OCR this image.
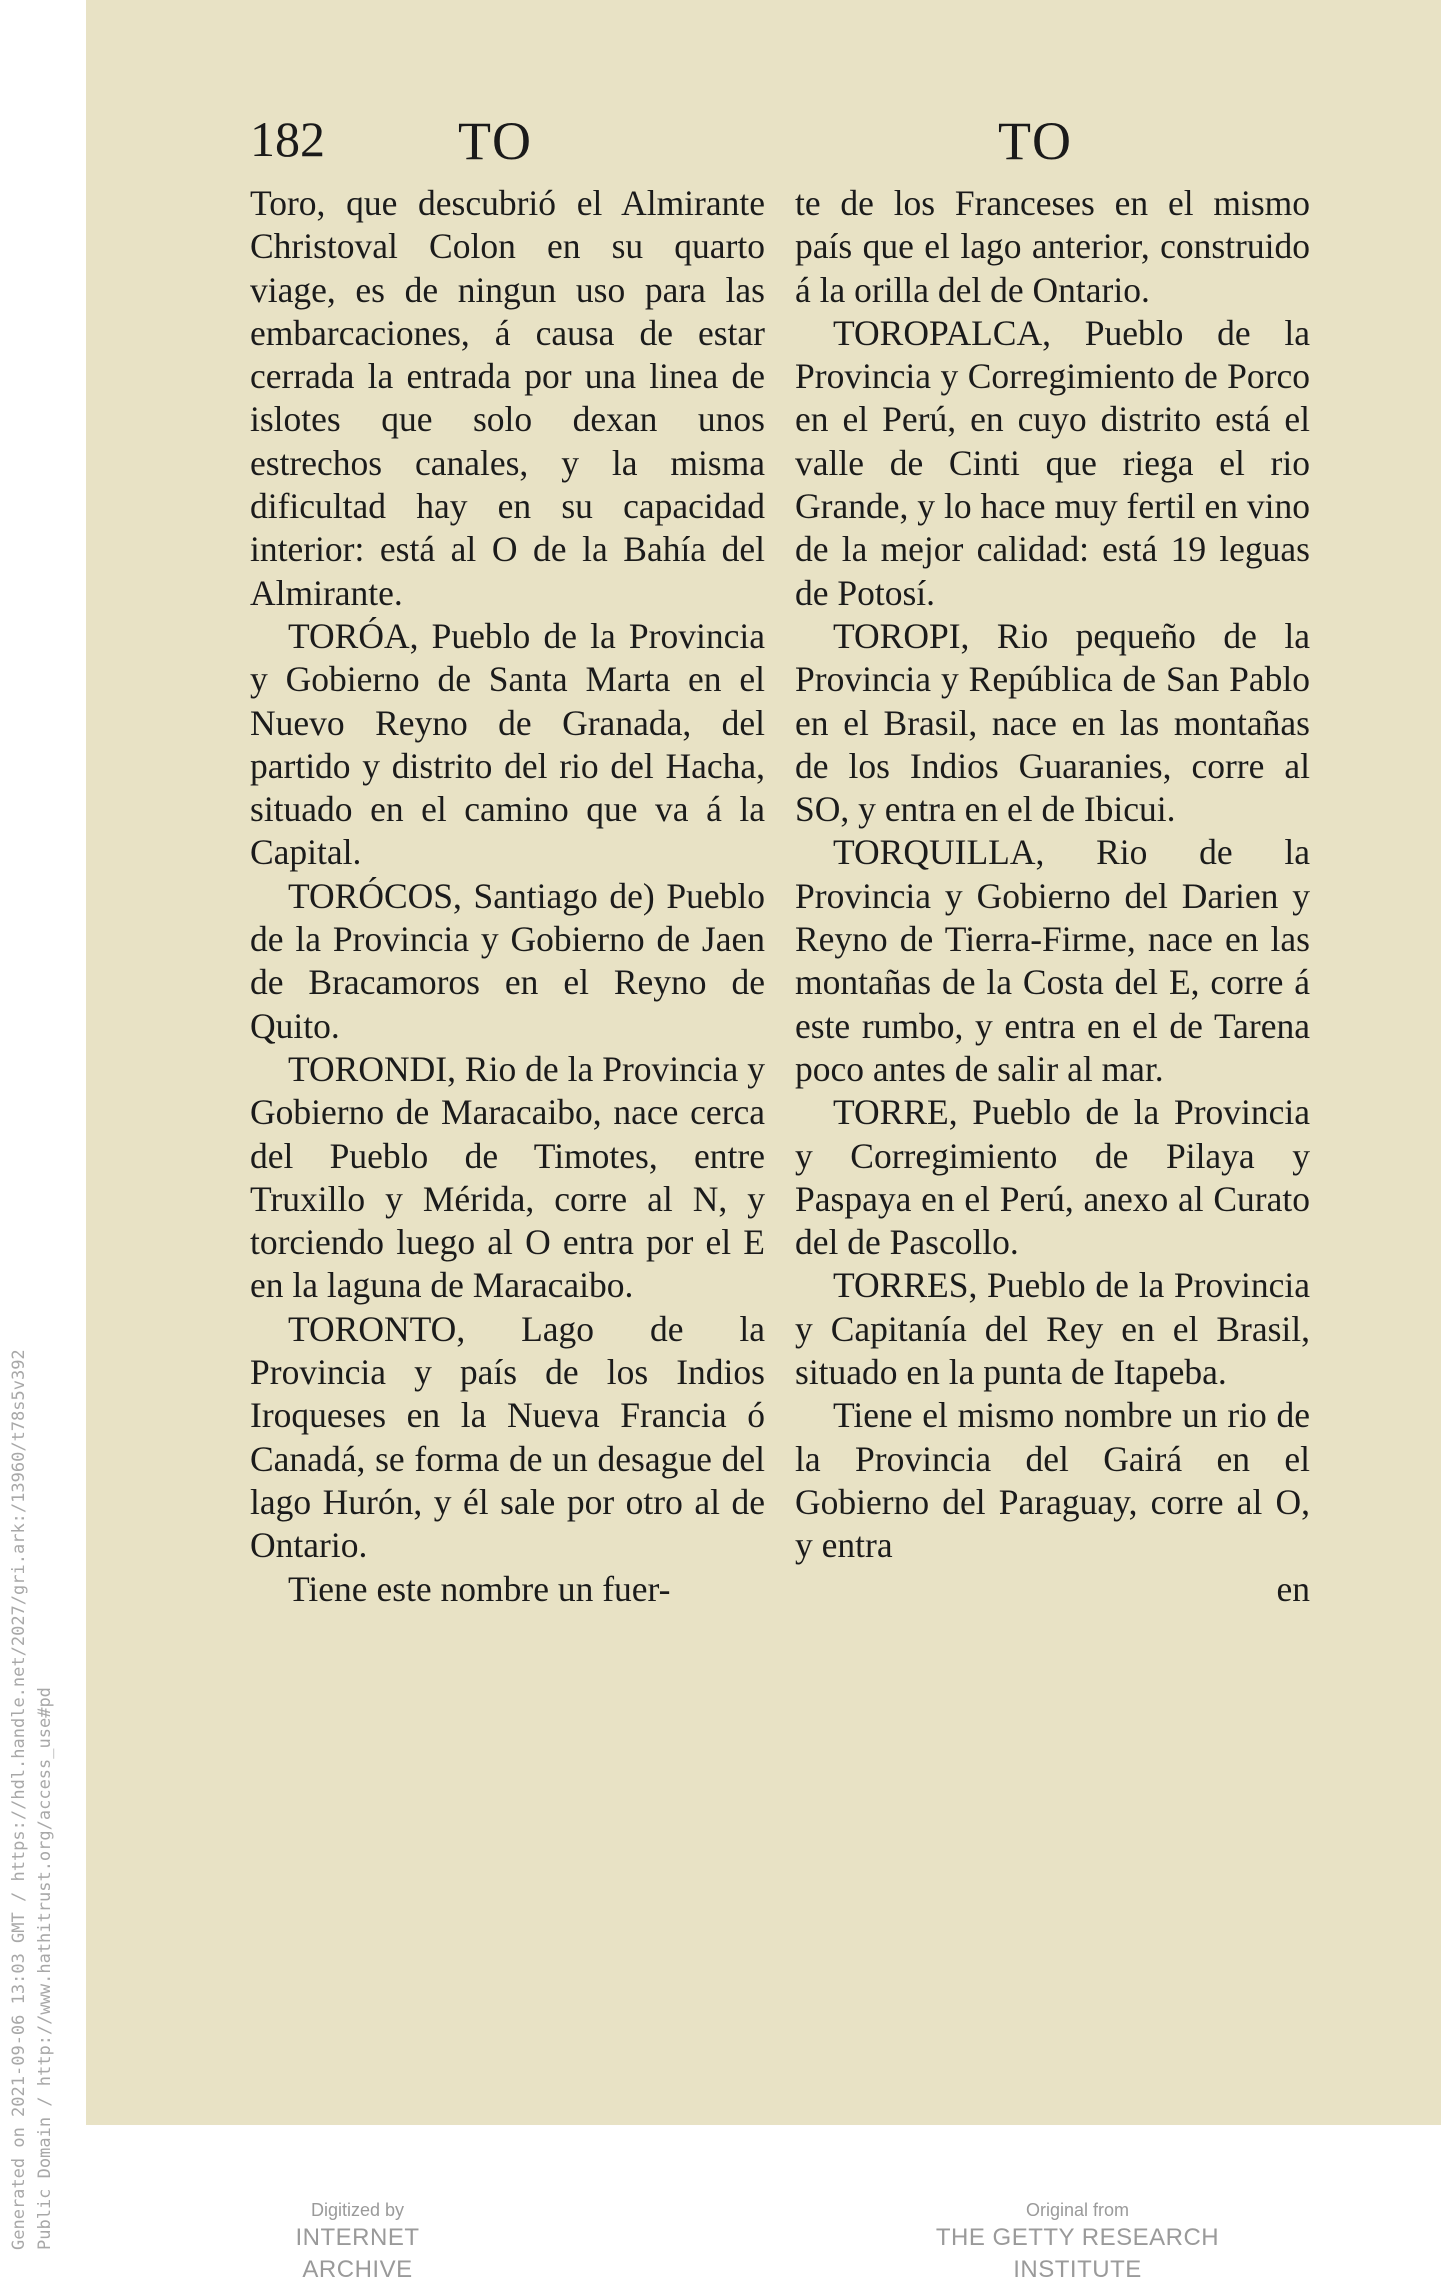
Generated on 2021-09-06 13:03 GMT / https://hdl.handle.net/2027/gri.ark:/13960/t78s5v392 Public Domain / http://www.hathitrust.org/access_use#pd
182 TO	TO

Toro, que descubrió el Almirante Christoval Colon en su quarto viage, es de ningun uso para las embarcaciones, á causa de estar cerrada la entrada por una linea de islotes que solo dexan unos estrechos canales, y la misma dificultad hay en su capacidad interior: está al O de la Bahía del Almirante.

TORÓA, Pueblo de la Provincia y Gobierno de Santa Marta en el Nuevo Reyno de Granada, del partido y distrito del rio del Hacha, situado en el camino que va á la Capital.

TORÓCOS, Santiago de) Pueblo de la Provincia y Gobierno de Jaen de Bracamoros en el Reyno de Quito.

TORONDI, Rio de la Provincia y Gobierno de Maracaibo, nace cerca del Pueblo de Timotes, entre Truxillo y Mérida, corre al N, y torciendo luego al O entra por el E en la laguna de Maracaibo.

TORONTO, Lago de la Provincia y país de los Indios Iroqueses en la Nueva Francia ó Canadá, se forma de un desague del lago Hurón, y él sale por otro al de Ontario.

Tiene este nombre un fuer-

te de los Franceses en el mismo país que el lago anterior, construido á la orilla del de Ontario.

TOROPALCA, Pueblo de la Provincia y Corregimiento de Porco en el Perú, en cuyo distrito está el valle de Cinti que riega el rio Grande, y lo hace muy fertil en vino de la mejor calidad: está 19 leguas de Potosí.

TOROPI, Rio pequeño de la Provincia y República de San Pablo en el Brasil, nace en las montañas de los Indios Guaranies, corre al SO, y entra en el de Ibicui.

TORQUILLA, Rio de la Provincia y Gobierno del Darien y Reyno de Tierra-Firme, nace en las montañas de la Costa del E, corre á este rumbo, y entra en el de Tarena poco antes de salir al mar.

TORRE, Pueblo de la Provincia y Corregimiento de Pilaya y Paspaya en el Perú, anexo al Curato del de Pascollo.

TORRES, Pueblo de la Provincia y Capitanía del Rey en el Brasil, situado en la punta de Itapeba.

Tiene el mismo nombre un rio de la Provincia del Gairá en el Gobierno del Paraguay, corre al O, y entra

en

Digitized by
INTERNET ARCHIVE
Original from
THE GETTY RESEARCH INSTITUTE
